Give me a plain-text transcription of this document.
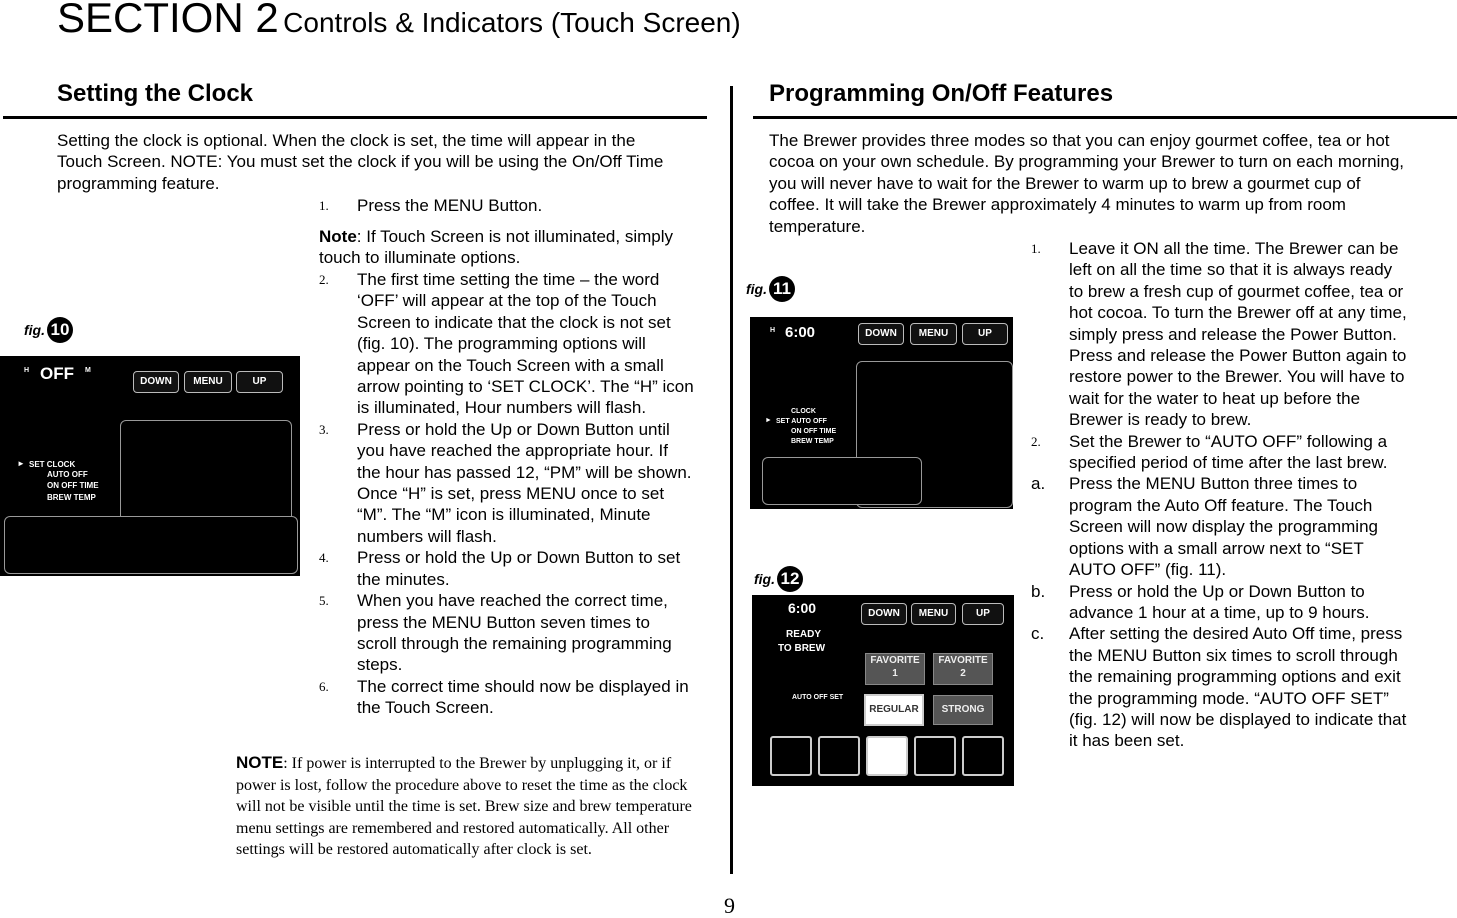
SECTION 2 Controls & Indicators (Touch Screen)
Setting the Clock
Setting the clock is optional. When the clock is set, the time will appear in the Touch Screen. NOTE: You must set the clock if you will be using the On/Off Time programming feature.
1.	Press the MENU Button.
Note: If Touch Screen is not illuminated, simply touch to illuminate options.
2.	The first time setting the time – the word ‘OFF’ will appear at the top of the Touch Screen to indicate that the clock is not set (fig. 10). The programming options will appear on the Touch Screen with a small arrow pointing to ‘SET CLOCK’. The “H” icon is illuminated, Hour numbers will flash.
3.	Press or hold the Up or Down Button until you have reached the appropriate hour. If the hour has passed 12, “PM” will be shown. Once “H” is set, press MENU once to set “M”. The “M” icon is illuminated, Minute numbers will flash.
4.	Press or hold the Up or Down Button to set the minutes.
5.	When you have reached the correct time, press the MENU Button seven times to scroll through the remaining programming steps.
6.	The correct time should now be displayed in the Touch Screen.
NOTE: If power is interrupted to the Brewer by unplugging it, or if power is lost, follow the procedure above to reset the time as the clock will not be visible until the time is set. Brew size and brew temperature menu settings are remembered and restored automatically. All other settings will be restored automatically after clock is set.
fig. 10
H OFF M
DOWN	MENU	UP
► SET CLOCK
AUTO OFF
ON OFF TIME
BREW TEMP
Programming On/Off Features
The Brewer provides three modes so that you can enjoy gourmet coffee, tea or hot cocoa on your own schedule. By programming your Brewer to turn on each morning, you will never have to wait for the Brewer to warm up to brew a gourmet cup of coffee. It will take the Brewer approximately 4 minutes to warm up from room temperature.
1.	Leave it ON all the time. The Brewer can be left on all the time so that it is always ready to brew a fresh cup of gourmet coffee, tea or hot cocoa. To turn the Brewer off at any time, simply press and release the Power Button. Press and release the Power Button again to restore power to the Brewer. You will have to wait for the water to heat up before the Brewer is ready to brew.
2.	Set the Brewer to “AUTO OFF” following a specified period of time after the last brew.
a.	Press the MENU Button three times to program the Auto Off feature. The Touch Screen will now display the programming options with a small arrow next to “SET AUTO OFF” (fig. 11).
b.	Press or hold the Up or Down Button to advance 1 hour at a time, up to 9 hours.
c.	After setting the desired Auto Off time, press the MENU Button six times to scroll through the remaining programming options and exit the programming mode. “AUTO OFF SET” (fig. 12) will now be displayed to indicate that it has been set.
fig. 11
H 6:00	DOWN	MENU	UP
CLOCK
► SET AUTO OFF
ON OFF TIME
BREW TEMP
fig. 12
6:00
READY
TO BREW
DOWN	MENU	UP
AUTO OFF SET
FAVORITE
1
FAVORITE
2
REGULAR	STRONG
9
